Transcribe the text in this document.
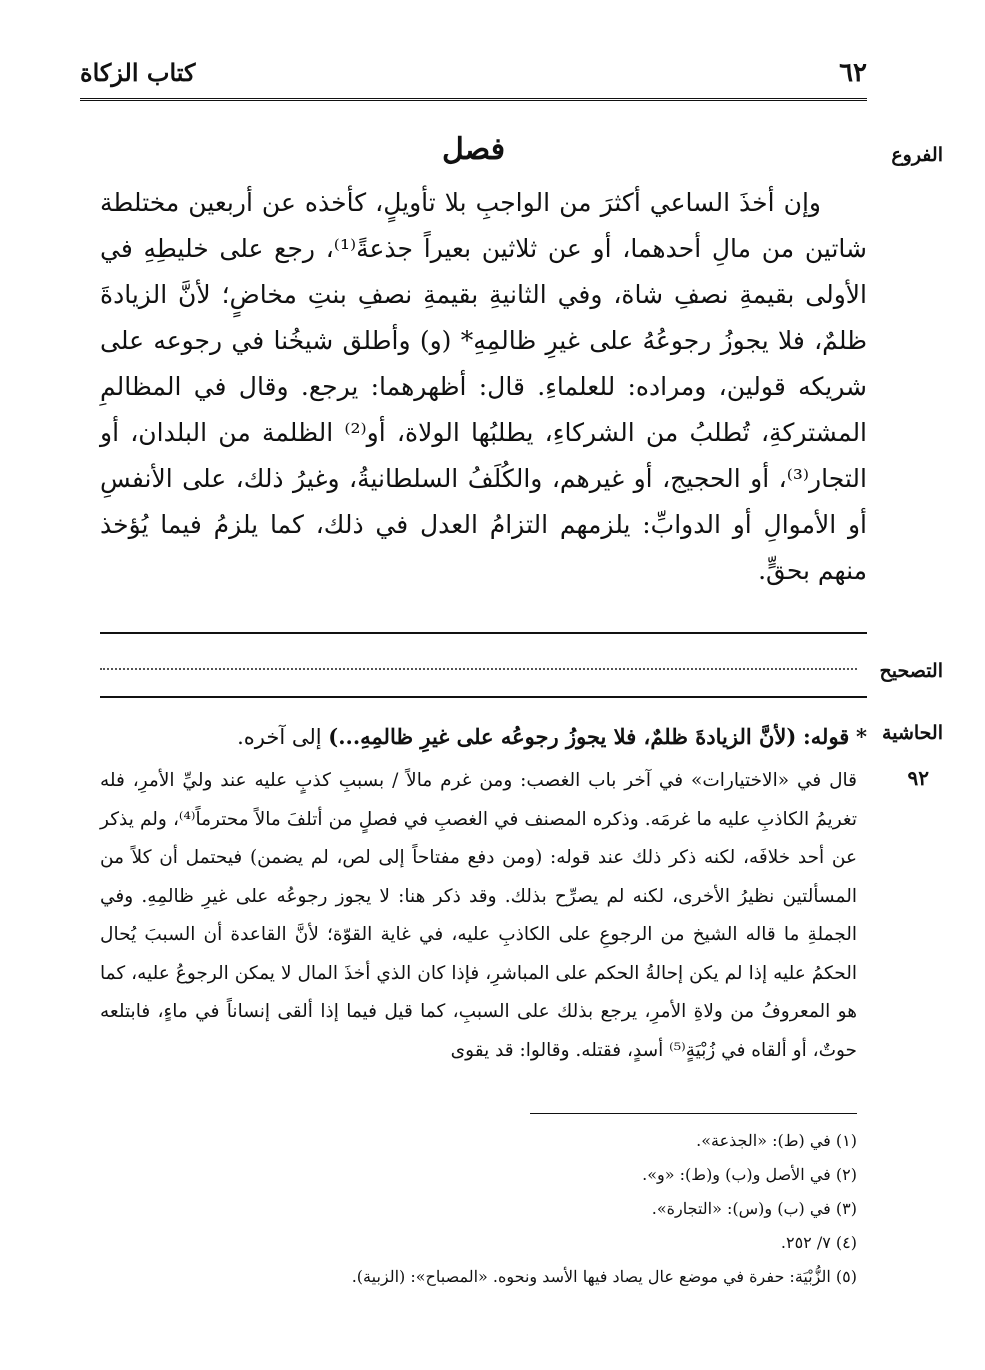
٦٢
كتاب الزكاة
الفروع
فصل

وإن أخذَ الساعي أكثرَ من الواجبِ بلا تأويلٍ، كأخذه عن أربعين مختلطة شاتين من مالِ أحدهما، أو عن ثلاثين بعيراً جذعةً⁽¹⁾، رجع على خليطِهِ في الأولى بقيمةِ نصفِ شاة، وفي الثانيةِ بقيمةِ نصفِ بنتِ مخاضٍ؛ لأنَّ الزيادةَ ظلمٌ، فلا يجوزُ رجوعُهُ على غيرِ ظالمِهِ* (و) وأطلق شيخُنا في رجوعه على شريكه قولين، ومراده: للعلماءِ. قال: أظهرهما: يرجع. وقال في المظالمِ المشتركةِ، تُطلبُ من الشركاءِ، يطلبُها الولاة، أو⁽²⁾ الظلمة من البلدان، أو التجار⁽³⁾، أو الحجيج، أو غيرهم، والكُلَفُ السلطانيةُ، وغيرُ ذلك، على الأنفسِ أو الأموالِ أو الدوابِّ: يلزمهم التزامُ العدل في ذلك، كما يلزمُ فيما يُؤخذ منهم بحقٍّ.

التصحيح
الحاشية
* قوله: (لأنَّ الزيادةَ ظلمٌ، فلا يجوزُ رجوعُه على غيرِ ظالمِهِ...) إلى آخره.
٩٢

قال في «الاختيارات» في آخر باب الغصب: ومن غرم مالاً / بسببِ كذبٍ عليه عند وليِّ الأمرِ، فله تغريمُ الكاذبِ عليه ما غرمَه. وذكره المصنف في الغصبِ في فصلٍ من أتلفَ مالاً محترماً⁽⁴⁾، ولم يذكر عن أحد خلافَه، لكنه ذكر ذلك عند قوله: (ومن دفع مفتاحاً إلى لص، لم يضمن) فيحتمل أن كلاً من المسألتين نظيرُ الأخرى، لكنه لم يصرِّح بذلك. وقد ذكر هنا: لا يجوز رجوعُه على غيرِ ظالمِهِ. وفي الجملةِ ما قاله الشيخ من الرجوعِ على الكاذبِ عليه، في غاية القوّة؛ لأنَّ القاعدة أن السببَ يُحال الحكمُ عليه إذا لم يكن إحالةُ الحكم على المباشرِ، فإذا كان الذي أخذَ المال لا يمكن الرجوعُ عليه، كما هو المعروفُ من ولاةِ الأمرِ، يرجع بذلك على السببِ، كما قيل فيما إذا ألقى إنساناً في ماءٍ، فابتلعه حوتٌ، أو ألقاه في زُبْيَةٍ⁽⁵⁾ أسدٍ، فقتله. وقالوا: قد يقوى

(١) في (ط): «الجذعة».

(٢) في الأصل و(ب) و(ط): «و».

(٣) في (ب) و(س): «التجارة».

(٤) ٧/ ٢٥٢.

(٥) الزُّبْيَة: حفرة في موضع عال يصاد فيها الأسد ونحوه. «المصباح»: (الزبية).
